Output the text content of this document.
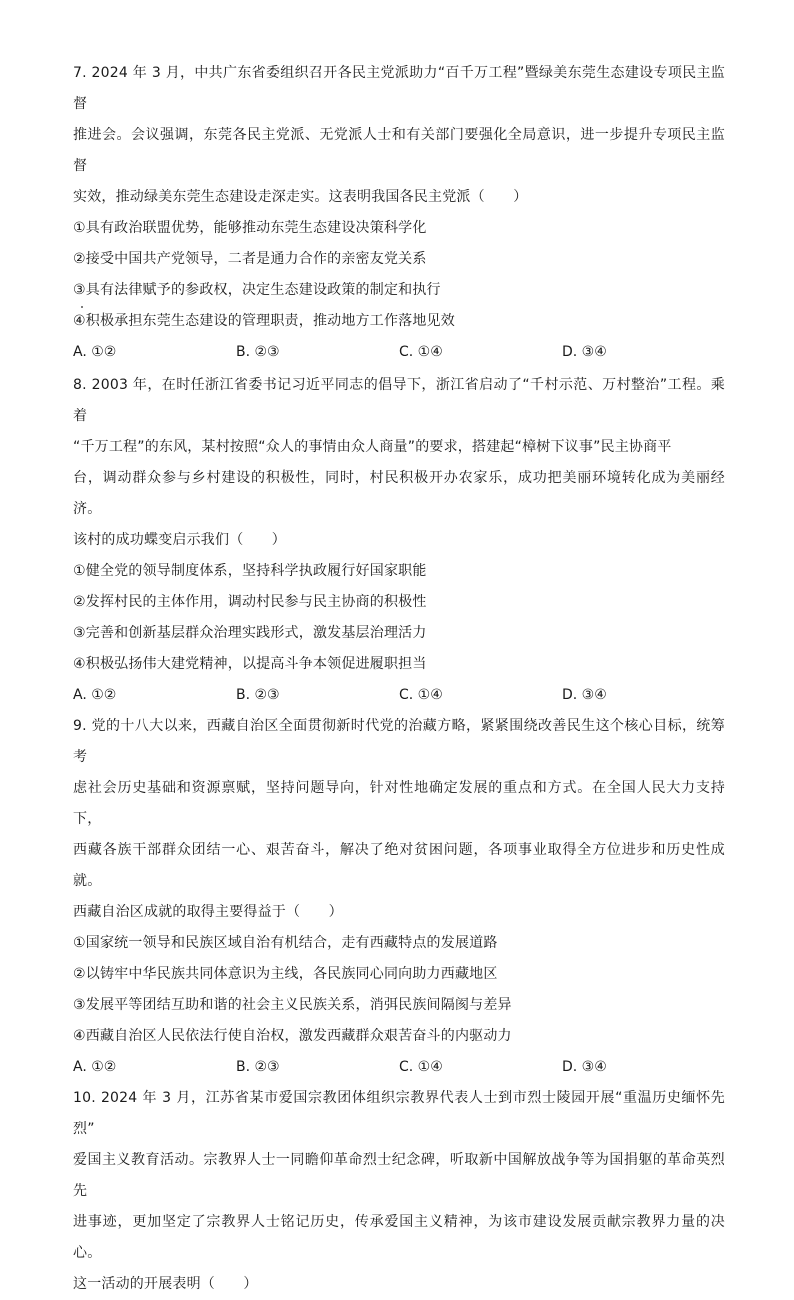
7. 2024 年 3 月，中共广东省委组织召开各民主党派助力“百千万工程”暨绿美东莞生态建设专项民主监督

推进会。会议强调，东莞各民主党派、无党派人士和有关部门要强化全局意识，进一步提升专项民主监督

实效，推动绿美东莞生态建设走深走实。这表明我国各民主党派（　　）

①具有政治联盟优势，能够推动东莞生态建设决策科学化

②接受中国共产党领导，二者是通力合作的亲密友党关系

③具有法律赋予的参政权，决定生态建设政策的制定和执行

④积极承担东莞生态建设的管理职责，推动地方工作落地见效

A. ①②	B. ②③	C. ①④	D. ③④

8. 2003 年，在时任浙江省委书记习近平同志的倡导下，浙江省启动了“千村示范、万村整治”工程。乘着

“千万工程”的东风，某村按照“众人的事情由众人商量”的要求，搭建起“樟树下议事”民主协商平

台，调动群众参与乡村建设的积极性，同时，村民积极开办农家乐，成功把美丽环境转化成为美丽经济。

该村的成功蝶变启示我们（　　）

①健全党的领导制度体系，坚持科学执政履行好国家职能

②发挥村民的主体作用，调动村民参与民主协商的积极性

③完善和创新基层群众治理实践形式，激发基层治理活力

④积极弘扬伟大建党精神，以提高斗争本领促进履职担当

A. ①②	B. ②③	C. ①④	D. ③④

9. 党的十八大以来，西藏自治区全面贯彻新时代党的治藏方略，紧紧围绕改善民生这个核心目标，统筹考

虑社会历史基础和资源禀赋，坚持问题导向，针对性地确定发展的重点和方式。在全国人民大力支持下，

西藏各族干部群众团结一心、艰苦奋斗，解决了绝对贫困问题，各项事业取得全方位进步和历史性成就。

西藏自治区成就的取得主要得益于（　　）

①国家统一领导和民族区域自治有机结合，走有西藏特点的发展道路

②以铸牢中华民族共同体意识为主线，各民族同心同向助力西藏地区

③发展平等团结互助和谐的社会主义民族关系，消弭民族间隔阂与差异

④西藏自治区人民依法行使自治权，激发西藏群众艰苦奋斗的内驱动力

A. ①②	B. ②③	C. ①④	D. ③④

10. 2024 年 3 月，江苏省某市爱国宗教团体组织宗教界代表人士到市烈士陵园开展“重温历史缅怀先烈”

爱国主义教育活动。宗教界人士一同瞻仰革命烈士纪念碑，听取新中国解放战争等为国捐躯的革命英烈先

进事迹，更加坚定了宗教界人士铭记历史，传承爱国主义精神，为该市建设发展贡献宗教界力量的决心。

这一活动的开展表明（　　）
